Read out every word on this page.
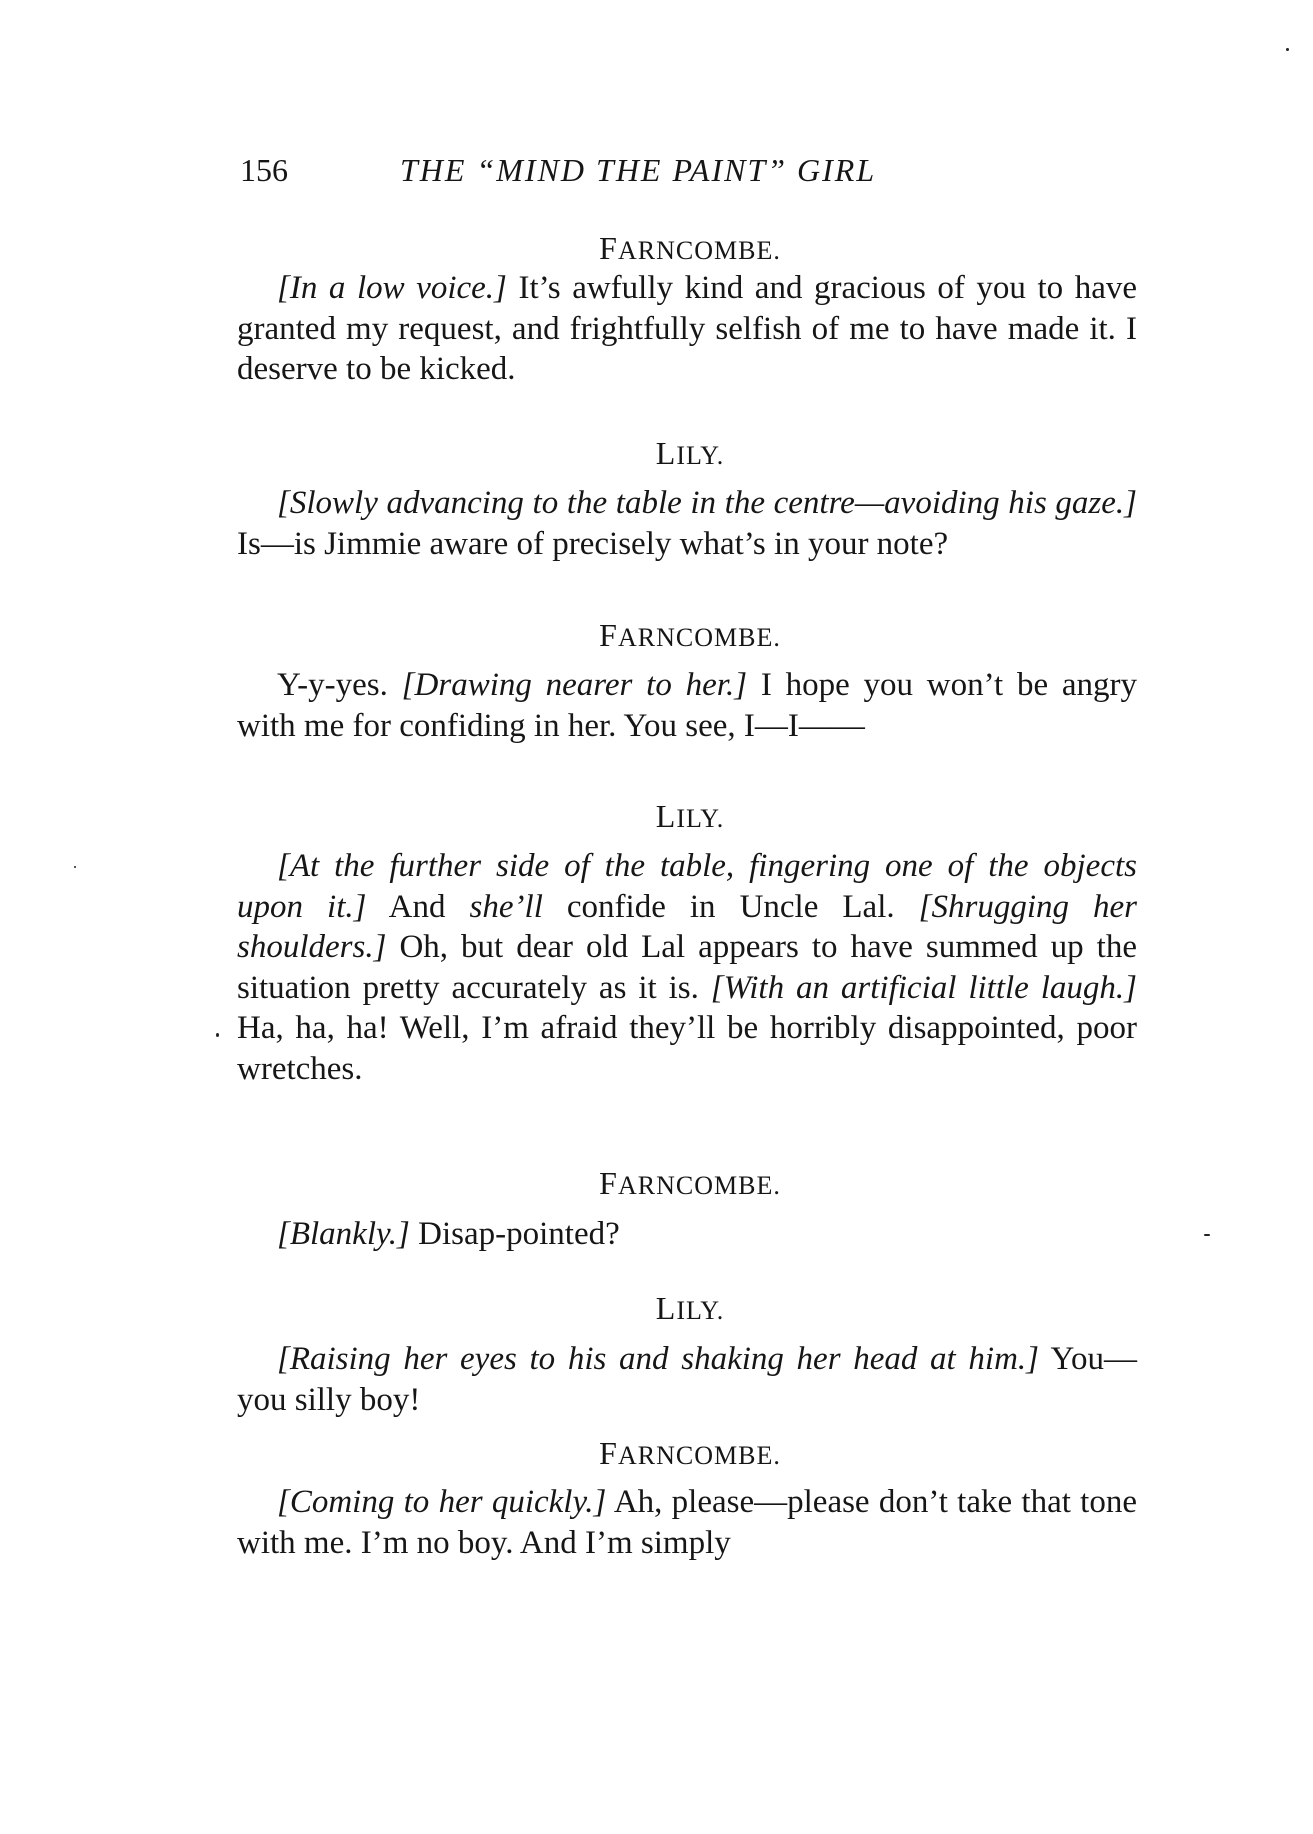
156	THE “MIND THE PAINT” GIRL
FARNCOMBE.
[In a low voice.] It’s awfully kind and gracious of you to have granted my request, and frightfully selfish of me to have made it. I deserve to be kicked.
LILY.
[Slowly advancing to the table in the centre—avoiding his gaze.] Is—is Jimmie aware of precisely what’s in your note?
FARNCOMBE.
Y-y-yes. [Drawing nearer to her.] I hope you won’t be angry with me for confiding in her. You see, I—I——
LILY.
[At the further side of the table, fingering one of the objects upon it.] And she’ll confide in Uncle Lal. [Shrugging her shoulders.] Oh, but dear old Lal appears to have summed up the situation pretty accurately as it is. [With an artificial little laugh.] Ha, ha, ha! Well, I’m afraid they’ll be horribly disappointed, poor wretches.
FARNCOMBE.
[Blankly.] Disap-pointed?
LILY.
[Raising her eyes to his and shaking her head at him.] You—you silly boy!
FARNCOMBE.
[Coming to her quickly.] Ah, please—please don’t take that tone with me. I’m no boy. And I’m simply
